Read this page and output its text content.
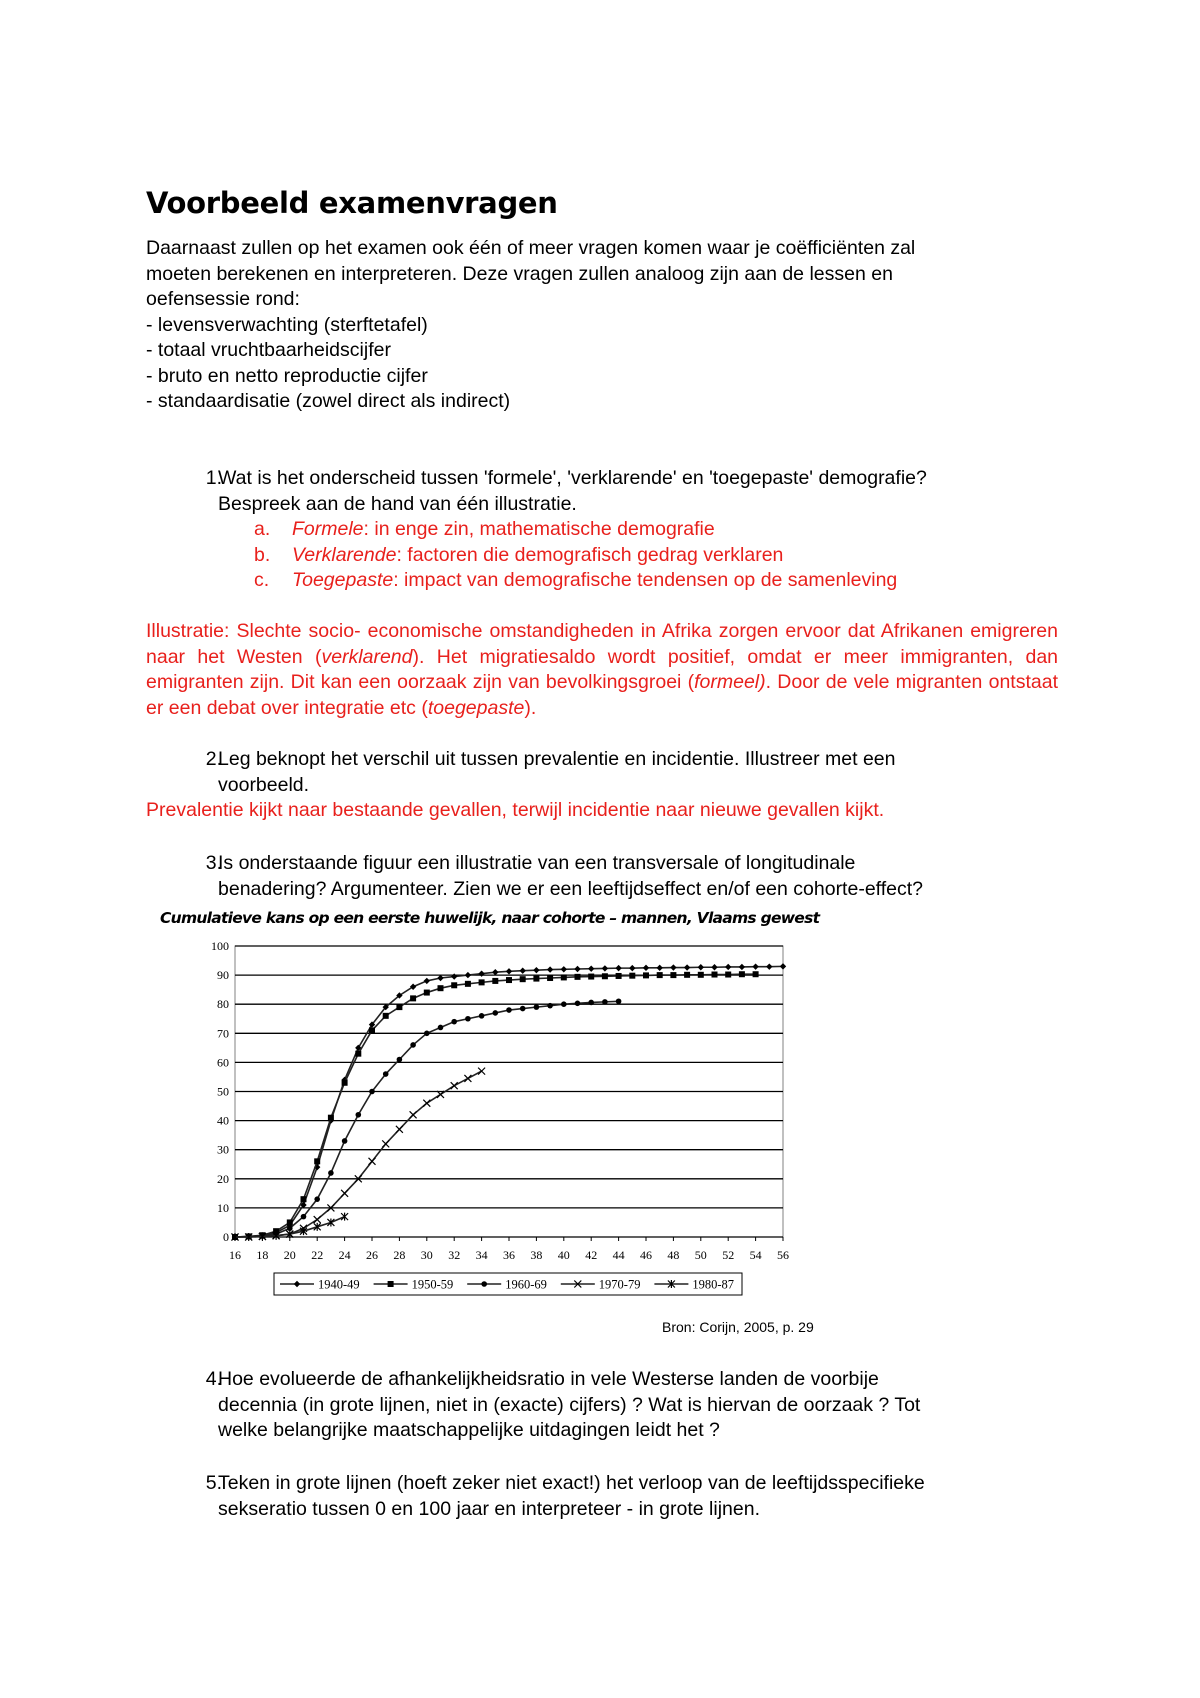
Voorbeeld examenvragen
Daarnaast zullen op het examen ook één of meer vragen komen waar je coëfficiënten zal
moeten berekenen en interpreteren. Deze vragen zullen analoog zijn aan de lessen en
oefensessie rond:
- levensverwachting (sterftetafel)
- totaal vruchtbaarheidscijfer
- bruto en netto reproductie cijfer
- standaardisatie (zowel direct als indirect)
1.
Wat is het onderscheid tussen 'formele', 'verklarende' en 'toegepaste' demografie?
Bespreek aan de hand van één illustratie.
a. Formele: in enge zin, mathematische demografie
b. Verklarende: factoren die demografisch gedrag verklaren
c. Toegepaste: impact van demografische tendensen op de samenleving
Illustratie: Slechte socio- economische omstandigheden in Afrika zorgen ervoor dat Afrikanen emigreren naar het Westen (verklarend). Het migratiesaldo wordt positief, omdat er meer immigranten, dan emigranten zijn. Dit kan een oorzaak zijn van bevolkingsgroei (formeel). Door de vele migranten ontstaat er een debat over integratie etc (toegepaste).
2.
Leg beknopt het verschil uit tussen prevalentie en incidentie. Illustreer met een
voorbeeld.
Prevalentie kijkt naar bestaande gevallen, terwijl incidentie naar nieuwe gevallen kijkt.
3.
Is onderstaande figuur een illustratie van een transversale of longitudinale
benadering? Argumenteer. Zien we er een leeftijdseffect en/of een cohorte-effect?
Bron: Corijn, 2005, p. 29
4.
Hoe evolueerde de afhankelijkheidsratio in vele Westerse landen de voorbije
decennia (in grote lijnen, niet in (exacte) cijfers) ? Wat is hiervan de oorzaak ? Tot
welke belangrijke maatschappelijke uitdagingen leidt het ?
5.
Teken in grote lijnen (hoeft zeker niet exact!) het verloop van de leeftijdsspecifieke
sekseratio tussen 0 en 100 jaar en interpreteer - in grote lijnen.
Cumulatieve kans op een eerste huwelijk, naar cohorte – mannen, Vlaams gewest
0
10
20
30
40
50
60
70
80
90
100
16 18 20 22 24 26 28 30 32 34 36 38 40 42 44 46 48 50 52 54 56
1940-49	1950-59	1960-69	1970-79	1980-87
